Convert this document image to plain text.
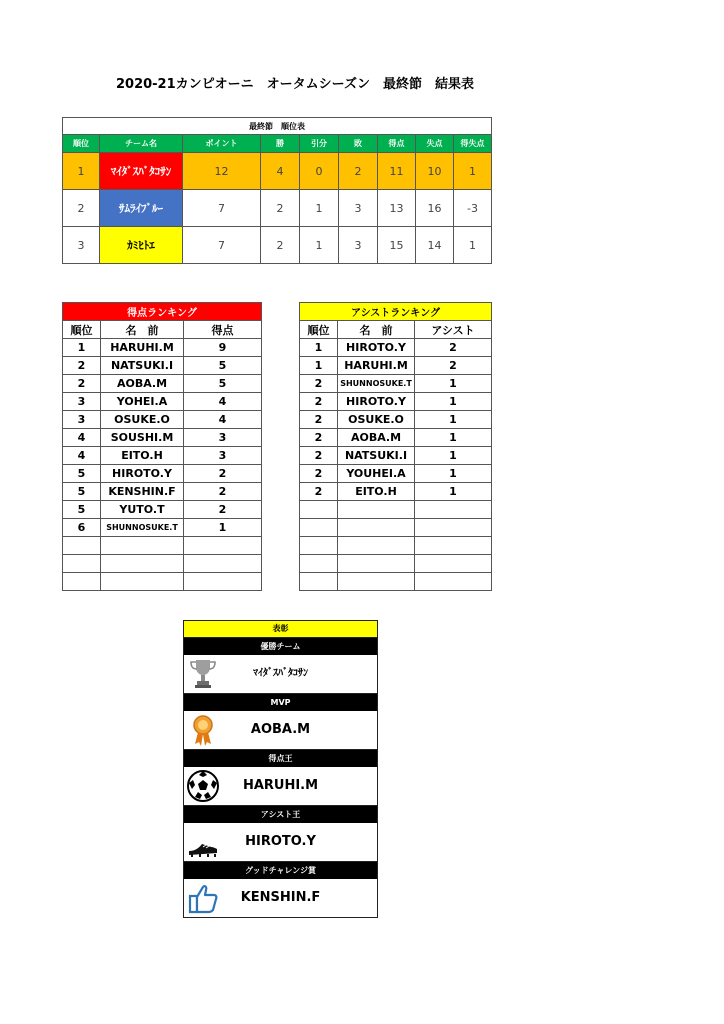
2020-21カンピオーニ　オータムシーズン　最終節　結果表
最終節　順位表								
順位	チーム名	ポイント	勝	引分	敗	得点	失点	得失点
1	ﾏｲﾀﾞｽﾊﾞﾀｺｻﾝ	12	4	0	2	11	10	1
2	ｻﾑﾗｲﾌﾞﾙｰ	7	2	1	3	13	16	-3
3	ｶﾐﾋﾄｴ	7	2	1	3	15	14	1
得点ランキング		
順位	名　前	得点
1	HARUHI.M	9
2	NATSUKI.I	5
2	AOBA.M	5
3	YOHEI.A	4
3	OSUKE.O	4
4	SOUSHI.M	3
4	EITO.H	3
5	HIROTO.Y	2
5	KENSHIN.F	2
5	YUTO.T	2
6	SHUNNOSUKE.T	1

アシストランキング		
順位	名　前	アシスト
1	HIROTO.Y	2
1	HARUHI.M	2
2	SHUNNOSUKE.T	1
2	HIROTO.Y	1
2	OSUKE.O	1
2	AOBA.M	1
2	NATSUKI.I	1
2	YOUHEI.A	1
2	EITO.H	1

表彰
優勝チーム
ﾏｲﾀﾞｽﾊﾞﾀｺｻﾝ
MVP
AOBA.M
得点王
HARUHI.M
アシスト王
HIROTO.Y
グッドチャレンジ賞
KENSHIN.F
